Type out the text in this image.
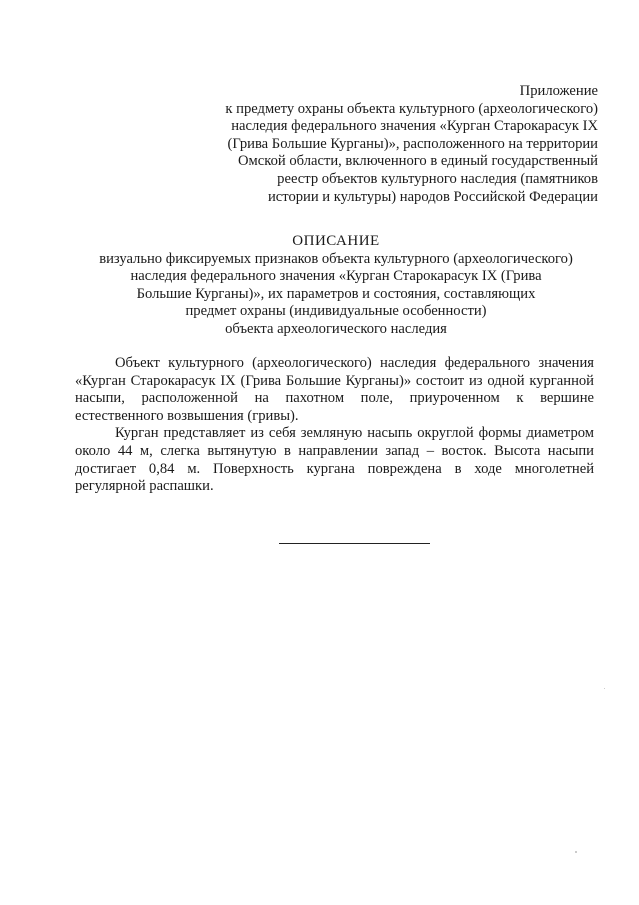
Приложение
к предмету охраны объекта культурного (археологического)
наследия федерального значения «Курган Старокарасук IX
(Грива Большие Курганы)», расположенного на территории
Омской области, включенного в единый государственный
реестр объектов культурного наследия (памятников
истории и культуры) народов Российской Федерации
ОПИСАНИЕ
визуально фиксируемых признаков объекта культурного (археологического)
наследия федерального значения «Курган Старокарасук IX (Грива
Большие Курганы)», их параметров и состояния, составляющих
предмет охраны (индивидуальные особенности)
объекта археологического наследия

Объект культурного (археологического) наследия федерального значения «Курган Старокарасук IX (Грива Большие Курганы)» состоит из одной курганной насыпи, расположенной на пахотном поле, приуроченном к вершине естественного возвышения (гривы).

Курган представляет из себя земляную насыпь округлой формы диаметром около 44 м, слегка вытянутую в направлении запад – восток. Высота насыпи достигает 0,84 м. Поверхность кургана повреждена в ходе многолетней регулярной распашки.
